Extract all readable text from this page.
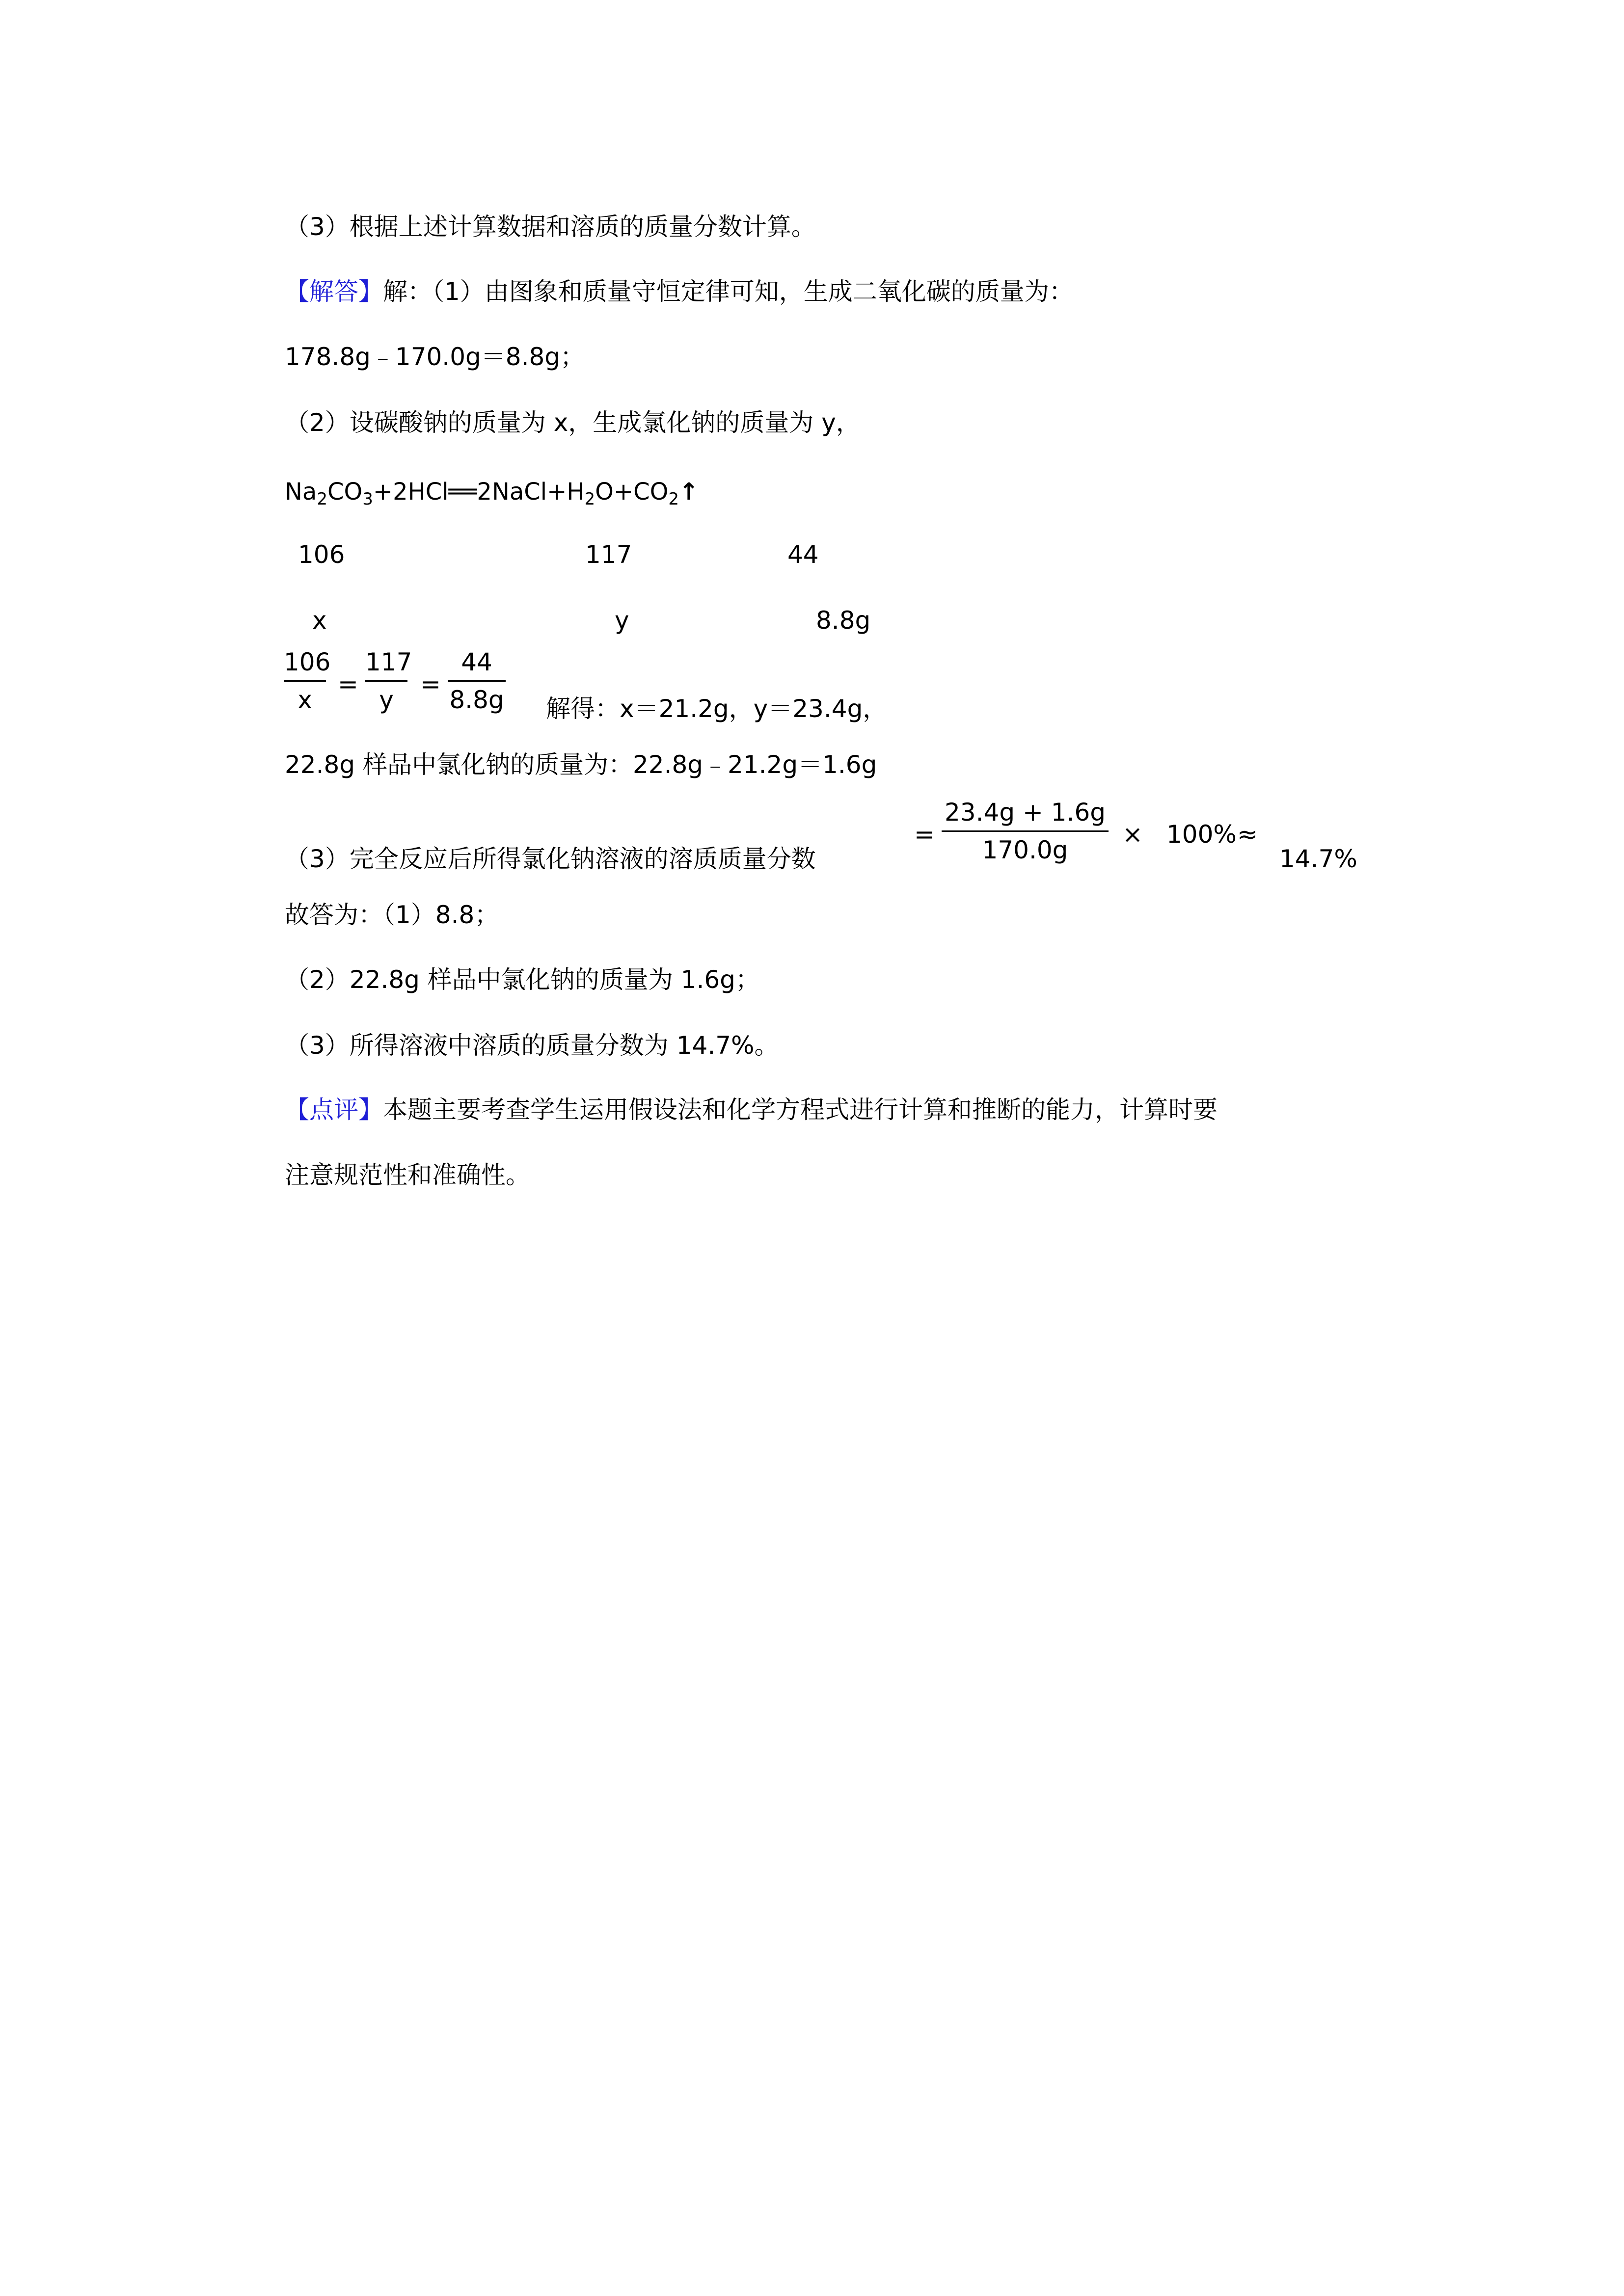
（3）根据上述计算数据和溶质的质量分数计算。
【解答】解：（1）由图象和质量守恒定律可知，生成二氧化碳的质量为：
178.8g﹣170.0g＝8.8g；
（2）设碳酸钠的质量为 x，生成氯化钠的质量为 y，
$Na_2CO_3+2HCl══2NaCl+H_2O+CO_2↑$
106	117	44
x	y	8.8g
106
x
=
117
y
=
44
8.8g 解得：x＝21.2g，y＝23.4g，
22.8g 样品中氯化钠的质量为：22.8g﹣21.2g＝1.6g
（3）完全反应后所得氯化钠溶液的溶质质量分数
=
23.4g + 1.6g
170.0g
× 100% ≈
14.7%
故答为：（1）8.8；
（2）22.8g 样品中氯化钠的质量为 1.6g；
（3）所得溶液中溶质的质量分数为 14.7%。
【点评】本题主要考查学生运用假设法和化学方程式进行计算和推断的能力，计算时要
注意规范性和准确性。
